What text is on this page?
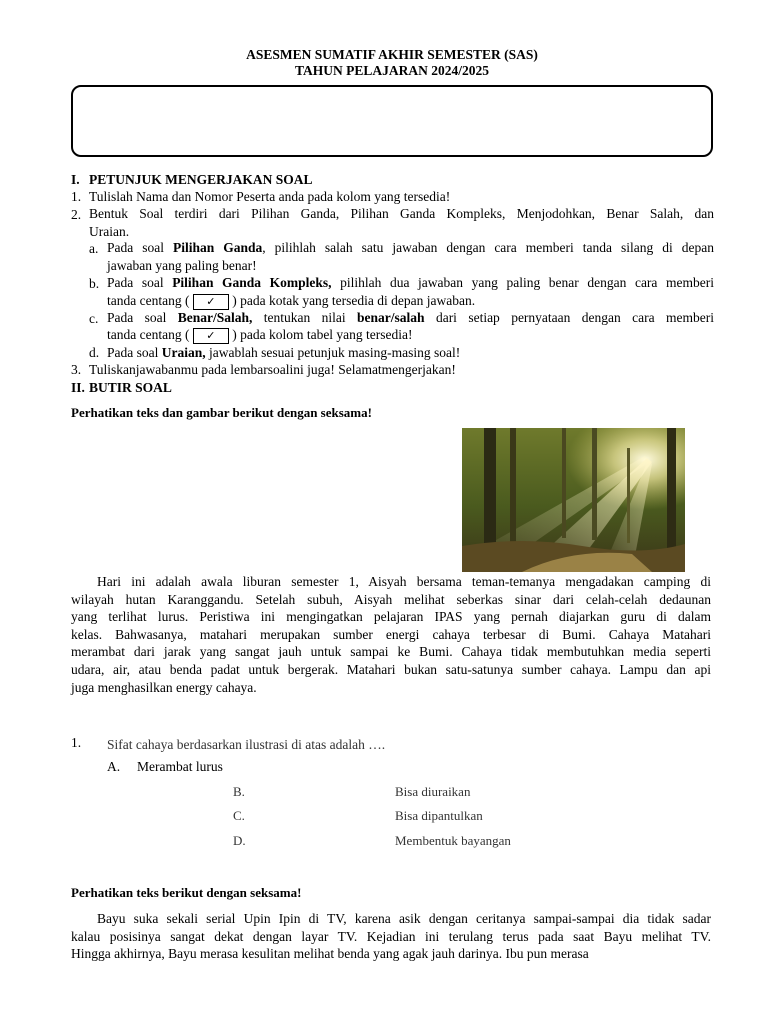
ASESMEN SUMATIF AKHIR SEMESTER (SAS)
TAHUN PELAJARAN 2024/2025
I. PETUNJUK MENGERJAKAN SOAL
1. Tulislah Nama dan Nomor Peserta anda pada kolom yang tersedia!
2. Bentuk Soal terdiri dari Pilihan Ganda, Pilihan Ganda Kompleks, Menjodohkan, Benar Salah, dan
Uraian.
a. Pada soal Pilihan Ganda, pilihlah salah satu jawaban dengan cara memberi tanda silang di depan
jawaban yang paling benar!
b. Pada soal Pilihan Ganda Kompleks, pilihlah dua jawaban yang paling benar dengan cara memberi
tanda centang ( ✓ ) pada kotak yang tersedia di depan jawaban.
c. Pada soal Benar/Salah, tentukan nilai benar/salah dari setiap pernyataan dengan cara memberi
tanda centang ( ✓ ) pada kolom tabel yang tersedia!
d. Pada soal Uraian, jawablah sesuai petunjuk masing-masing soal!
3. Tuliskanjawabanmu pada lembarsoalini juga! Selamatmengerjakan!
II. BUTIR SOAL
Perhatikan teks dan gambar berikut dengan seksama!
Hari ini adalah awala liburan semester 1, Aisyah bersama teman-temanya mengadakan camping di
wilayah hutan Karanggandu. Setelah subuh, Aisyah melihat seberkas sinar dari celah-celah dedaunan
yang terlihat lurus. Peristiwa ini mengingatkan pelajaran IPAS yang pernah diajarkan guru di dalam
kelas. Bahwasanya, matahari merupakan sumber energi cahaya terbesar di Bumi. Cahaya Matahari
merambat dari jarak yang sangat jauh untuk sampai ke Bumi. Cahaya tidak membutuhkan media seperti
udara, air, atau benda padat untuk bergerak. Matahari bukan satu-satunya sumber cahaya. Lampu dan api
juga menghasilkan energy cahaya.
1. Sifat cahaya berdasarkan ilustrasi di atas adalah ….
A. Merambat lurus
B.	Bisa diuraikan
C.	Bisa dipantulkan
D.	Membentuk bayangan
Perhatikan teks berikut dengan seksama!
Bayu suka sekali serial Upin Ipin di TV, karena asik dengan ceritanya sampai-sampai dia tidak sadar
kalau posisinya sangat dekat dengan layar TV. Kejadian ini terulang terus pada saat Bayu melihat TV.
Hingga akhirnya, Bayu merasa kesulitan melihat benda yang agak jauh darinya. Ibu pun merasa
